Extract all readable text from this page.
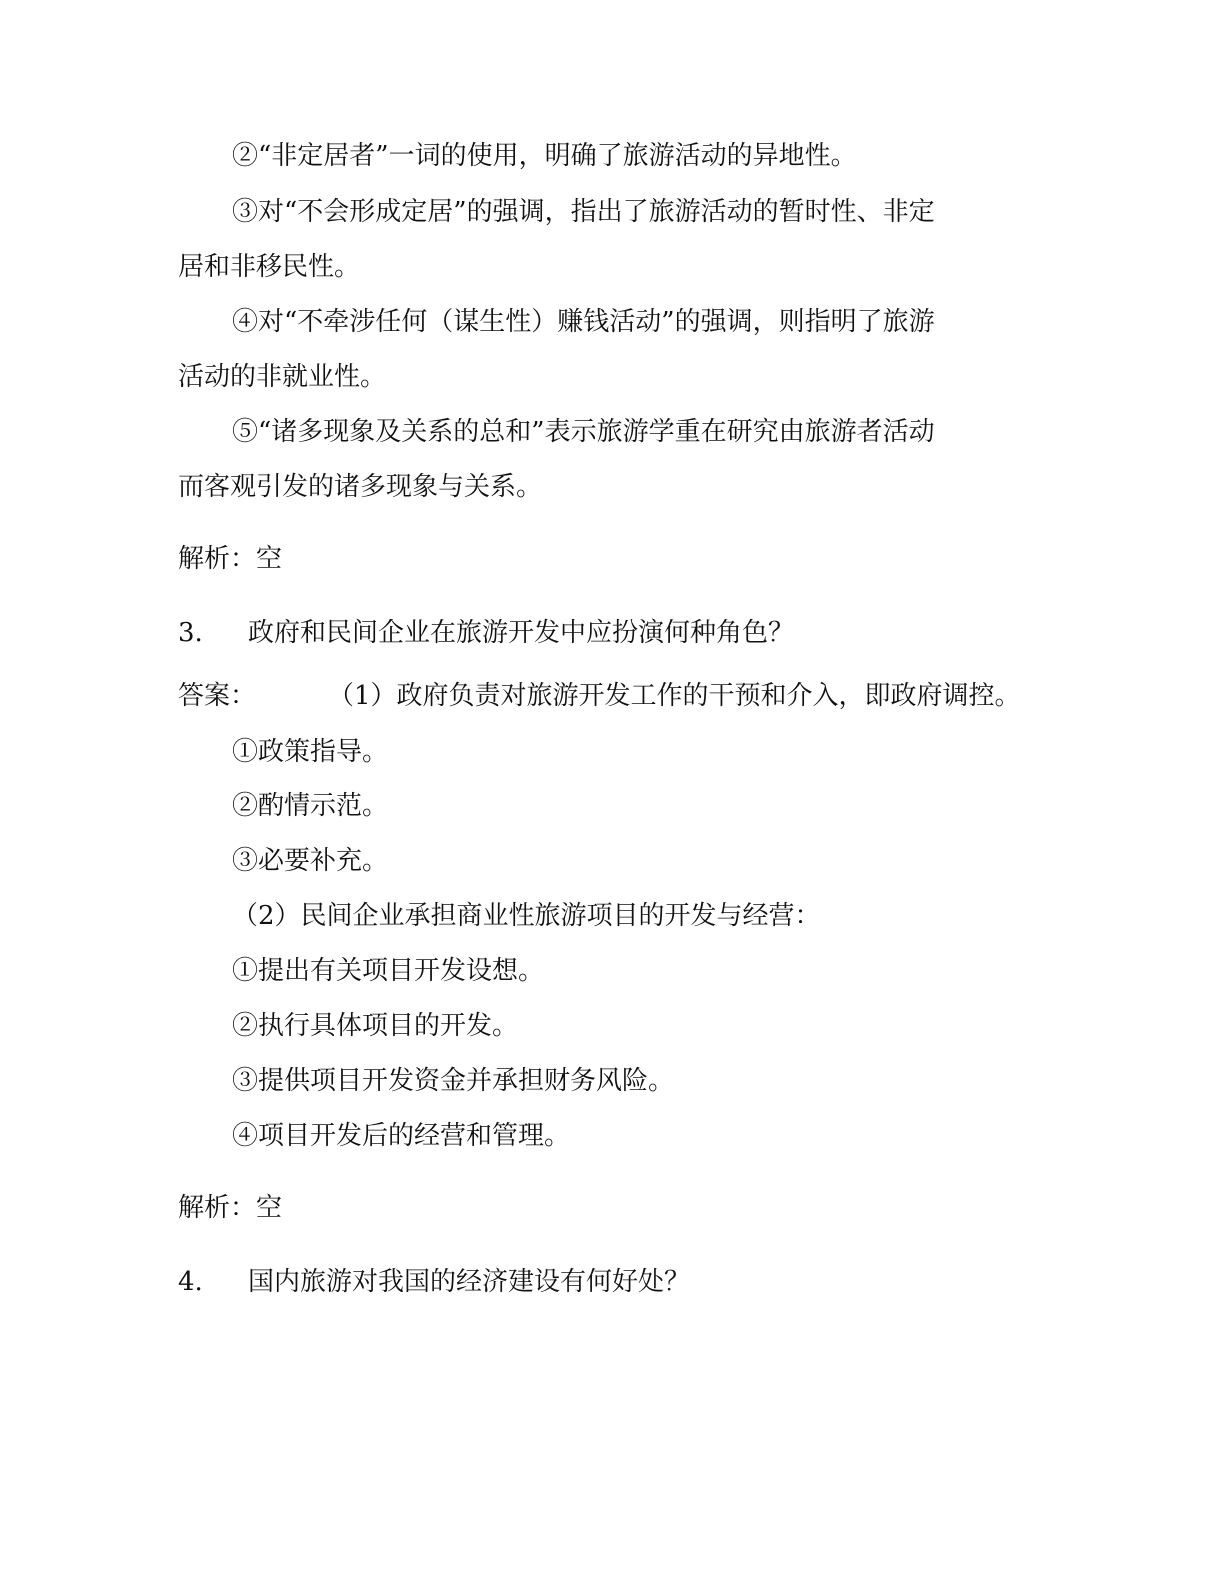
②“非定居者”一词的使用，明确了旅游活动的异地性。
③对“不会形成定居”的强调，指出了旅游活动的暂时性、非定
居和非移民性。
④对“不牵涉任何（谋生性）赚钱活动”的强调，则指明了旅游
活动的非就业性。
⑤“诸多现象及关系的总和”表示旅游学重在研究由旅游者活动
而客观引发的诸多现象与关系。
解析：空
3. 政府和民间企业在旅游开发中应扮演何种角色？
答案：	（1）政府负责对旅游开发工作的干预和介入，即政府调控。
①政策指导。
②酌情示范。
③必要补充。
（2）民间企业承担商业性旅游项目的开发与经营：
①提出有关项目开发设想。
②执行具体项目的开发。
③提供项目开发资金并承担财务风险。
④项目开发后的经营和管理。
解析：空
4. 国内旅游对我国的经济建设有何好处？
